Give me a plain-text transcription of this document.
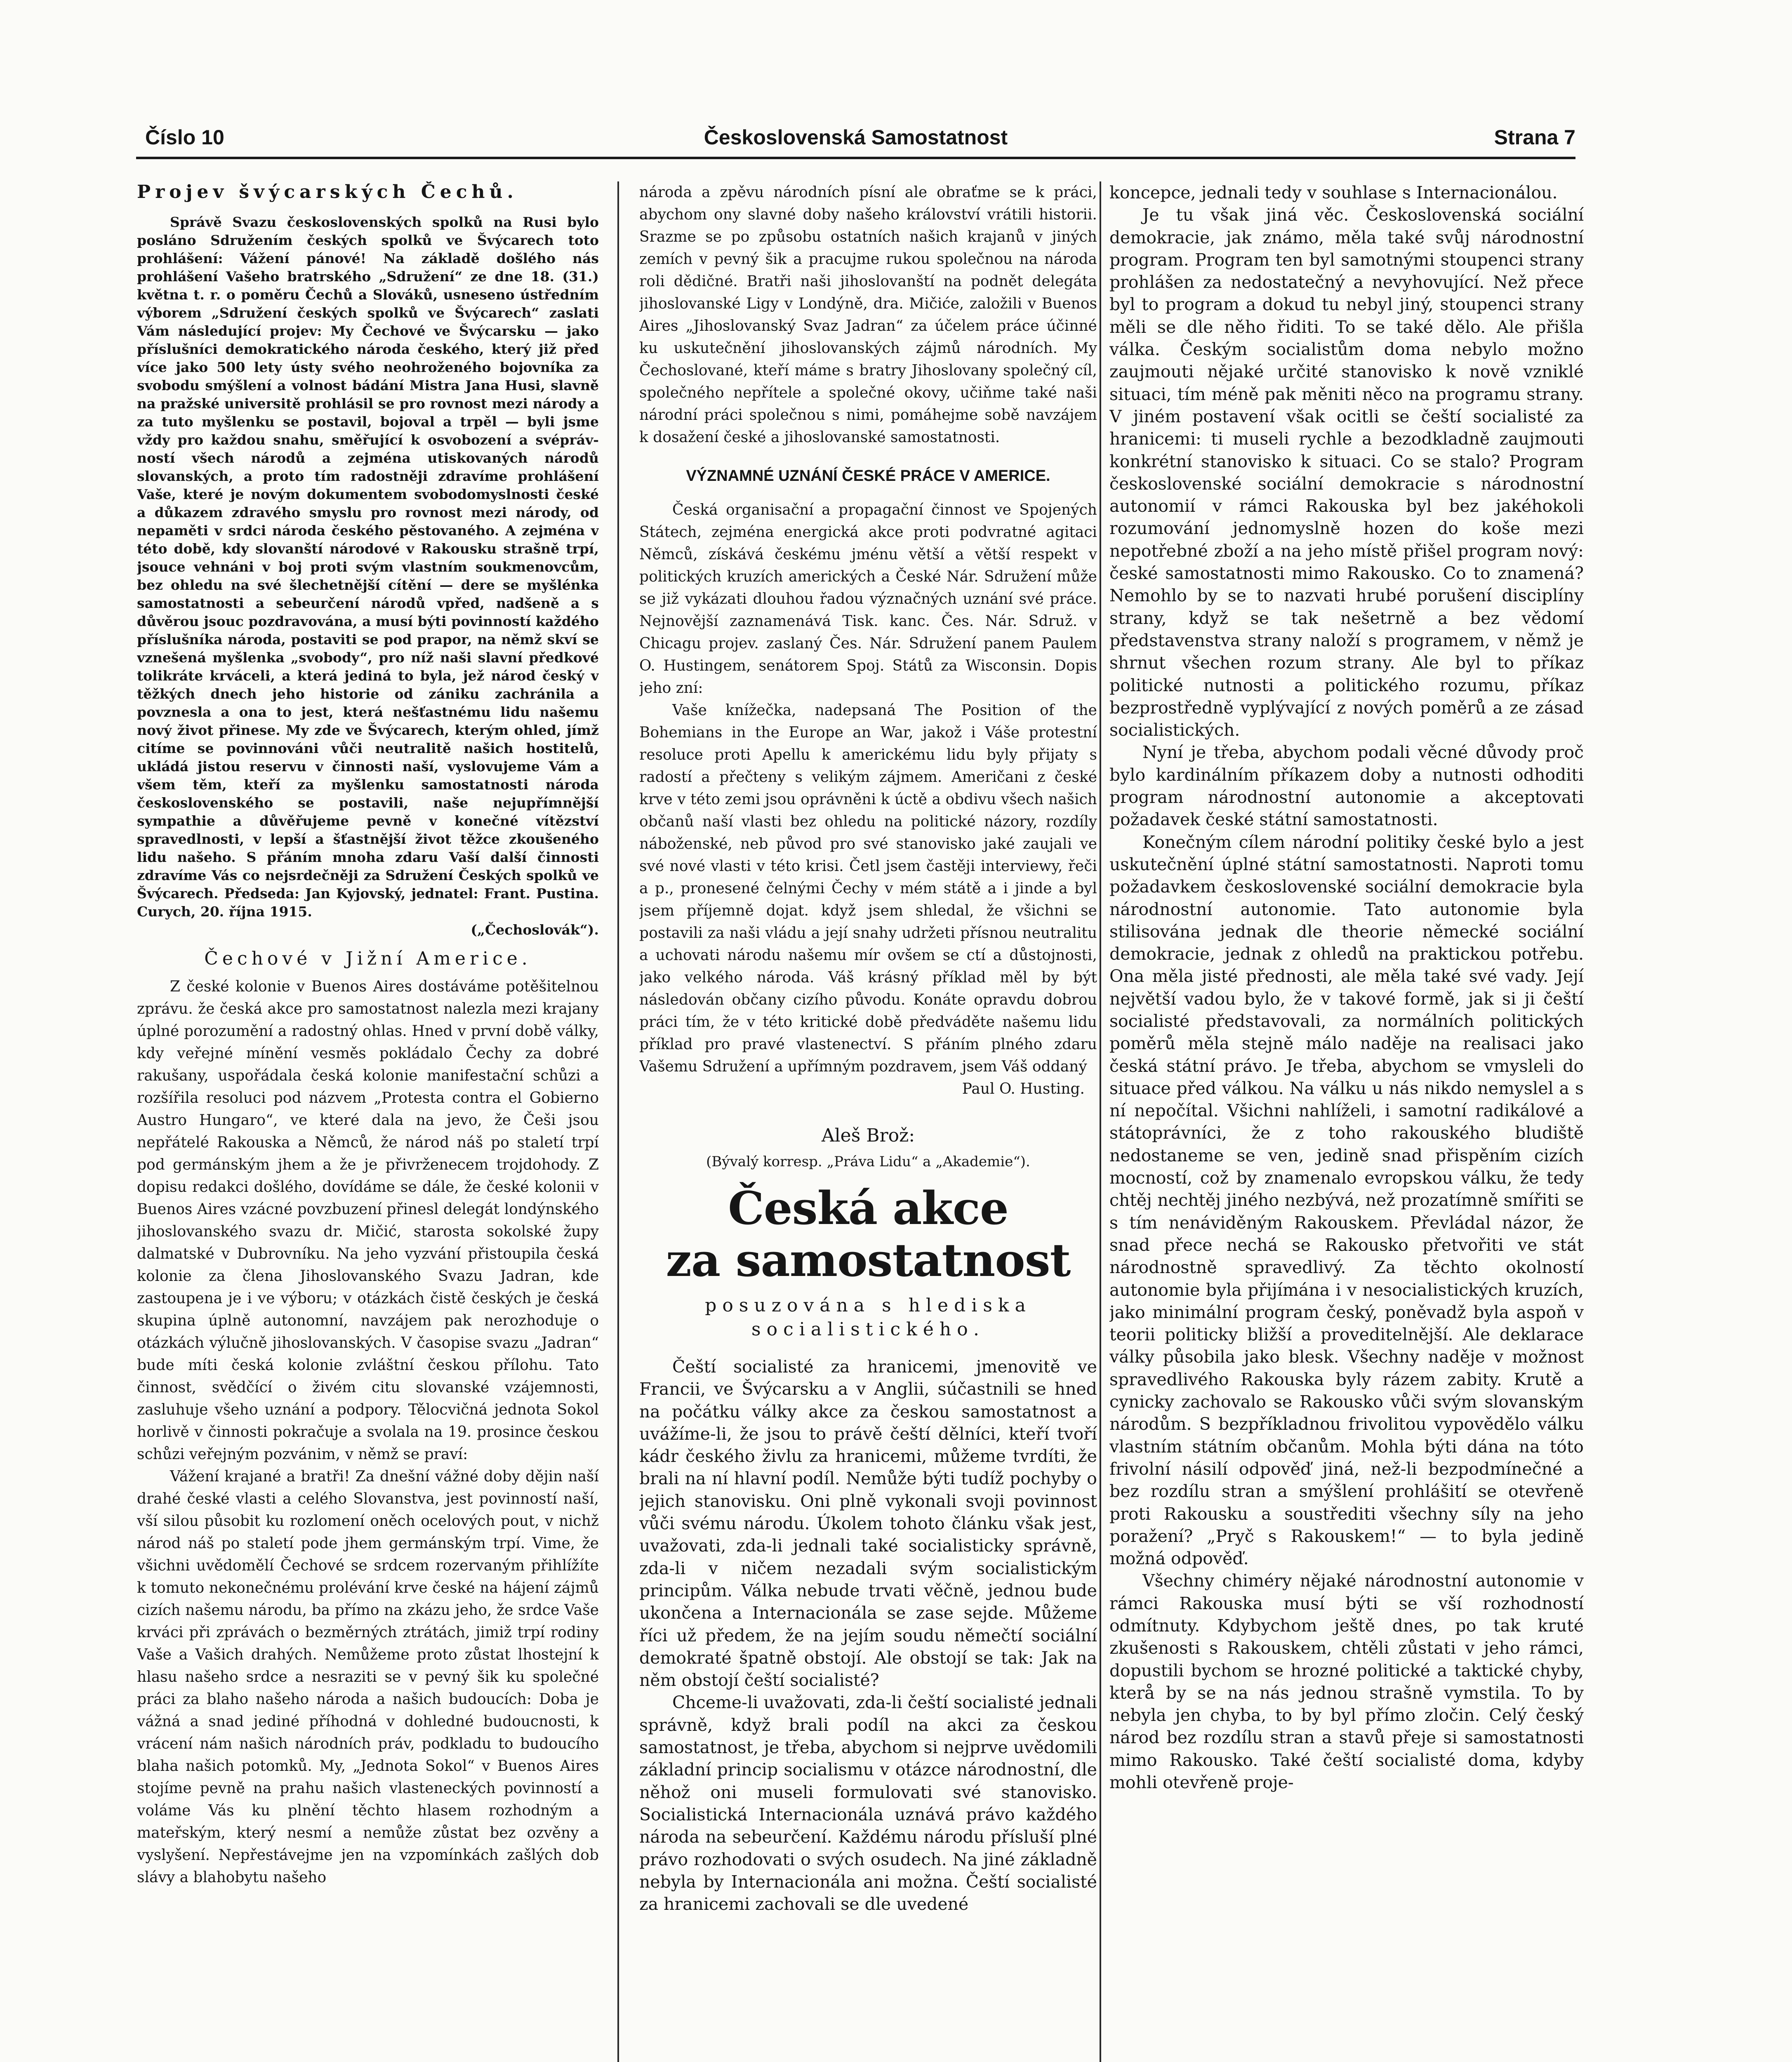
Číslo 10	Československá Samostatnost	Strana 7
Projev švýcarských Čechů.

Správě Svazu československých spolků na Rusi bylo posláno Sdružením českých spolků ve Švýcarech toto prohlášení: Vážení pánové! Na základě došlého nás prohlášení Vašeho bratrského „Sdružení“ ze dne 18. (31.) května t. r. o poměru Čechů a Slováků, usneseno ústředním výborem „Sdružení českých spolků ve Švýcarech“ zaslati Vám následující projev: My Čechové ve Švýcarsku — jako příslušníci demokratického národa českého, který již před více jako 500 lety ústy svého neohroženého bojovníka za svobodu smýšlení a volnost bádání Mistra Jana Husi, slavně na pražské universitě prohlásil se pro rovnost mezi národy a za tuto myšlenku se postavil, bojoval a trpěl — byli jsme vždy pro každou snahu, směřující k osvobození a svéprávností všech národů a zejména utiskovaných národů slovanských, a proto tím radostněji zdravíme prohlášení Vaše, které je novým dokumentem svobodomyslnosti české a důkazem zdravého smyslu pro rovnost mezi národy, od nepaměti v srdci národa českého pěstovaného. A zejména v této době, kdy slovanští národové v Rakousku strašně trpí, jsouce vehnáni v boj proti svým vlastním soukmenovcům, bez ohledu na své šlechetnější cítění — dere se myšlénka samostatnosti a sebeurčení národů vpřed, nadšeně a s důvěrou jsouc pozdravována, a musí býti povinností každého příslušníka národa, postaviti se pod prapor, na němž skví se vznešená myšlenka „svobody“, pro níž naši slavní předkové tolikráte krváceli, a která jediná to byla, jež národ český v těžkých dnech jeho historie od zániku zachránila a povznesla a ona to jest, která nešťastnému lidu našemu nový život přinese. My zde ve Švýcarech, kterým ohled, jímž citíme se povinnováni vůči neutralitě našich hostitelů, ukládá jistou reservu v činnosti naší, vyslovujeme Vám a všem těm, kteří za myšlenku samostatnosti národa československého se postavili, naše nejupřímnější sympathie a důvěřujeme pevně v konečné vítězství spravedlnosti, v lepší a šťastnější život těžce zkoušeného lidu našeho. S přáním mnoha zdaru Vaší další činnosti zdravíme Vás co nejsrdečněji za Sdružení Českých spolků ve Švýcarech. Předseda: Jan Kyjovský, jednatel: Frant. Pustina. Curych, 20. října 1915.

(„Čechoslovák“).

Čechové v Jižní Americe.

Z české kolonie v Buenos Aires dostáváme potěšitelnou zprávu. že česká akce pro samostatnost nalezla mezi krajany úplné porozumění a radostný ohlas. Hned v první době války, kdy veřejné mínění vesměs pokládalo Čechy za dobré rakušany, uspořádala česká kolonie manifestační schůzi a rozšířila resoluci pod názvem „Protesta contra el Gobierno Austro Hungaro“, ve které dala na jevo, že Češi jsou nepřátelé Rakouska a Němců, že národ náš po staletí trpí pod germánským jhem a že je přivrženecem trojdohody. Z dopisu redakci došlého, dovídáme se dále, že české kolonii v Buenos Aires vzácné povzbuzení přinesl delegát londýnského jihoslovanského svazu dr. Mičić, starosta sokolské župy dalmatské v Dubrovníku. Na jeho vyzvání přistoupila česká kolonie za člena Jihoslovanského Svazu Jadran, kde zastoupena je i ve výboru; v otázkách čistě českých je česká skupina úplně autonomní, navzájem pak nerozhoduje o otázkách výlučně jihoslovanských. V časopise svazu „Jadran“ bude míti česká kolonie zvláštní českou přílohu. Tato činnost, svědčící o živém citu slovanské vzájemnosti, zasluhuje všeho uznání a podpory. Tělocvičná jednota Sokol horlivě v činnosti pokračuje a svolala na 19. prosince českou schůzi veřejným pozvánim, v němž se praví:

Vážení krajané a bratři! Za dnešní vážné doby dějin naší drahé české vlasti a celého Slovanstva, jest povinností naší, vší silou působit ku rozlomení oněch ocelových pout, v nichž národ náš po staletí pode jhem germánským trpí. Vime, že všichni uvědomělí Čechové se srdcem rozervaným přihlížíte k tomuto nekonečnému prolévání krve české na hájení zájmů cizích našemu národu, ba přímo na zkázu jeho, že srdce Vaše krváci při zprávách o bezměrných ztrátách, jimiž trpí rodiny Vaše a Vašich drahých. Nemůžeme proto zůstat lhostejní k hlasu našeho srdce a nesraziti se v pevný šik ku společné práci za blaho našeho národa a našich budoucích: Doba je vážná a snad jediné příhodná v dohledné budoucnosti, k vrácení nám našich národních práv, podkladu to budoucího blaha našich potomků. My, „Jednota Sokol“ v Buenos Aires stojíme pevně na prahu našich vlasteneckých povinností a voláme Vás ku plnění těchto hlasem rozhodným a mateřským, který nesmí a nemůže zůstat bez ozvěny a vyslyšení. Nepřestávejme jen na vzpomínkách zašlých dob slávy a blahobytu našeho

národa a zpěvu národních písní ale obraťme se k práci, abychom ony slavné doby našeho království vrátili historii. Srazme se po způsobu ostatních našich krajanů v jiných zemích v pevný šik a pracujme rukou společnou na národa roli dědičné. Bratři naši jihoslovanští na podnět delegáta jihoslovanské Ligy v Londýně, dra. Mičiće, založili v Buenos Aires „Jihoslovanský Svaz Jadran“ za účelem práce účinné ku uskutečnění jihoslovanských zájmů národních. My Čechoslované, kteří máme s bratry Jihoslovany společný cíl, společného nepřítele a společné okovy, učiňme také naši národní práci společnou s nimi, pomáhejme sobě navzájem k dosažení české a jihoslovanské samostatnosti.

VÝZNAMNÉ UZNÁNÍ ČESKÉ PRÁCE V AMERICE.

Česká organisační a propagační činnost ve Spojených Státech, zejména energická akce proti podvratné agitaci Němců, získává českému jménu větší a větší respekt v politických kruzích amerických a České Nár. Sdružení může se již vykázati dlouhou řadou význačných uznání své práce. Nejnovější zaznamenává Tisk. kanc. Čes. Nár. Sdruž. v Chicagu projev. zaslaný Čes. Nár. Sdružení panem Paulem O. Hustingem, senátorem Spoj. Států za Wisconsin. Dopis jeho zní:

Vaše knížečka, nadepsaná The Position of the Bohemians in the Europe an War, jakož i Váše protestní resoluce proti Apellu k americkému lidu byly přijaty s radostí a přečteny s velikým zájmem. Američani z české krve v této zemi jsou oprávněni k úctě a obdivu všech našich občanů naší vlasti bez ohledu na politické názory, rozdíly náboženské, neb původ pro své stanovisko jaké zaujali ve své nové vlasti v této krisi. Četl jsem častěji interviewy, řeči a p., pronesené čelnými Čechy v mém státě a i jinde a byl jsem příjemně dojat. když jsem shledal, že všichni se postavili za naši vládu a její snahy udržeti přísnou neutralitu a uchovati národu našemu mír ovšem se ctí a důstojnosti, jako velkého národa. Váš krásný příklad měl by být následován občany cizího původu. Konáte opravdu dobrou práci tím, že v této kritické době předváděte našemu lidu příklad pro pravé vlastenectví. S přáním plného zdaru Vašemu Sdružení a upřímným pozdravem, jsem Váš oddaný

Paul O. Husting.

Aleš Brož:
(Bývalý korresp. „Práva Lidu“ a „Akademie“).
Česká akce
za samostatnost
posuzována s hlediska
socialistického.

Čeští socialisté za hranicemi, jmenovitě ve Francii, ve Švýcarsku a v Anglii, súčastnili se hned na počátku války akce za českou samostatnost a uvážíme-li, že jsou to právě čeští dělníci, kteří tvoří kádr českého živlu za hranicemi, můžeme tvrdíti, že brali na ní hlavní podíl. Nemůže býti tudíž pochyby o jejich stanovisku. Oni plně vykonali svoji povinnost vůči svému národu. Úkolem tohoto článku však jest, uvažovati, zda-li jednali také socialisticky správně, zda-li v ničem nezadali svým socialistickým principům. Válka nebude trvati věčně, jednou bude ukončena a Internacionála se zase sejde. Můžeme říci už předem, že na jejím soudu němečtí sociální demokraté špatně obstojí. Ale obstojí se tak: Jak na něm obstojí čeští socialisté?

Chceme-li uvažovati, zda-li čeští socialisté jednali správně, když brali podíl na akci za českou samostatnost, je třeba, abychom si nejprve uvědomili základní princip socialismu v otázce národnostní, dle něhož oni museli formulovati své stanovisko. Socialistická Internacionála uznává právo každého národa na sebeurčení. Každému národu přísluší plné právo rozhodovati o svých osudech. Na jiné základně nebyla by Internacionála ani možna. Čeští socialisté za hranicemi zachovali se dle uvedené

koncepce, jednali tedy v souhlase s Internacionálou.

Je tu však jiná věc. Československá sociální demokracie, jak známo, měla také svůj národnostní program. Program ten byl samotnými stoupenci strany prohlášen za nedostatečný a nevyhovující. Než přece byl to program a dokud tu nebyl jiný, stoupenci strany měli se dle něho řiditi. To se také dělo. Ale přišla válka. Českým socialistům doma nebylo možno zaujmouti nějaké určité stanovisko k nově vzniklé situaci, tím méně pak měniti něco na programu strany. V jiném postavení však ocitli se čeští socialisté za hranicemi: ti museli rychle a bezodkladně zaujmouti konkrétní stanovisko k situaci. Co se stalo? Program československé sociální demokracie s národnostní autonomií v rámci Rakouska byl bez jakéhokoli rozumování jednomyslně hozen do koše mezi nepotřebné zboží a na jeho místě přišel program nový: české samostatnosti mimo Rakousko. Co to znamená? Nemohlo by se to nazvati hrubé porušení disciplíny strany, když se tak nešetrně a bez vědomí představenstva strany naloží s programem, v němž je shrnut všechen rozum strany. Ale byl to příkaz politické nutnosti a politického rozumu, příkaz bezprostředně vyplývající z nových poměrů a ze zásad socialistických.

Nyní je třeba, abychom podali věcné důvody proč bylo kardinálním příkazem doby a nutnosti odhoditi program národnostní autonomie a akceptovati požadavek české státní samostatnosti.

Konečným cílem národní politiky české bylo a jest uskutečnění úplné státní samostatnosti. Naproti tomu požadavkem československé sociální demokracie byla národnostní autonomie. Tato autonomie byla stilisována jednak dle theorie německé sociální demokracie, jednak z ohledů na praktickou potřebu. Ona měla jisté přednosti, ale měla také své vady. Její největší vadou bylo, že v takové formě, jak si ji čeští socialisté představovali, za normálních politických poměrů měla stejně málo naděje na realisaci jako česká státní právo. Je třeba, abychom se vmysleli do situace před válkou. Na válku u nás nikdo nemyslel a s ní nepočítal. Všichni nahlíželi, i samotní radikálové a státoprávníci, že z toho rakouského bludiště nedostaneme se ven, jedině snad přispěním cizích mocností, což by znamenalo evropskou válku, že tedy chtěj nechtěj jiného nezbývá, než prozatímně smířiti se s tím nenáviděným Rakouskem. Převládal názor, že snad přece nechá se Rakousko přetvořiti ve stát národnostně spravedlivý. Za těchto okolností autonomie byla přijímána i v nesocialistických kruzích, jako minimální program český, poněvadž byla aspoň v teorii politicky bližší a proveditelnější. Ale deklarace války působila jako blesk. Všechny naděje v možnost spravedlivého Rakouska byly rázem zabity. Krutě a cynicky zachovalo se Rakousko vůči svým slovanským národům. S bezpříkladnou frivolitou vypovědělo válku vlastním státním občanům. Mohla býti dána na tóto frivolní násilí odpověď jiná, než-li bezpodmínečné a bez rozdílu stran a smýšlení prohlášití se otevřeně proti Rakousku a soustřediti všechny síly na jeho poražení? „Pryč s Rakouskem!“ — to byla jedině možná odpověď.

Všechny chiméry nějaké národnostní autonomie v rámci Rakouska musí býti se vší rozhodností odmítnuty. Kdybychom ještě dnes, po tak kruté zkušenosti s Rakouskem, chtěli zůstati v jeho rámci, dopustili bychom se hrozné politické a taktické chyby, kterå by se na nás jednou strašně vymstila. To by nebyla jen chyba, to by byl přímo zločin. Celý český národ bez rozdílu stran a stavů přeje si samostatnosti mimo Rakousko. Také čeští socialisté doma, kdyby mohli otevřeně proje-
